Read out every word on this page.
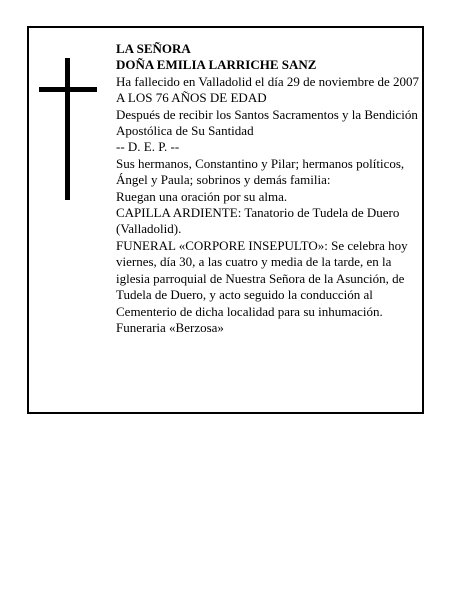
LA SEÑORA
DOÑA EMILIA LARRICHE SANZ
Ha fallecido en Valladolid el día 29 de noviembre de 2007
A LOS 76 AÑOS DE EDAD
Después de recibir los Santos Sacramentos y la Bendición Apostólica de Su Santidad
-- D. E. P. --
Sus hermanos, Constantino y Pilar; hermanos políticos, Ángel y Paula; sobrinos y demás familia:
Ruegan una oración por su alma.
CAPILLA ARDIENTE: Tanatorio de Tudela de Duero (Valladolid).
FUNERAL «CORPORE INSEPULTO»: Se celebra hoy viernes, día 30, a las cuatro y media de la tarde, en la iglesia parroquial de Nuestra Señora de la Asunción, de Tudela de Duero, y acto seguido la conducción al Cementerio de dicha localidad para su inhumación.
Funeraria «Berzosa»
